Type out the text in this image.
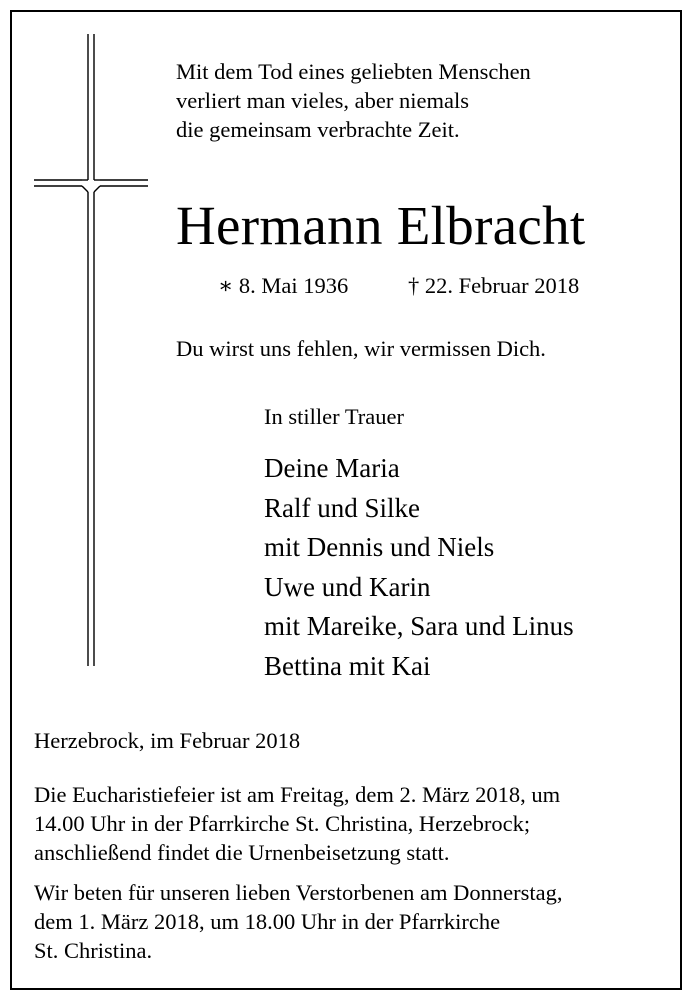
Mit dem Tod eines geliebten Menschen
verliert man vieles, aber niemals
die gemeinsam verbrachte Zeit.
Hermann Elbracht
∗ 8. Mai 1936	† 22. Februar 2018
Du wirst uns fehlen, wir vermissen Dich.
In stiller Trauer
Deine Maria
Ralf und Silke
mit Dennis und Niels
Uwe und Karin
mit Mareike, Sara und Linus
Bettina mit Kai
Herzebrock, im Februar 2018
Die Eucharistiefeier ist am Freitag, dem 2. März 2018, um
14.00 Uhr in der Pfarrkirche St. Christina, Herzebrock;
anschließend findet die Urnenbeisetzung statt.
Wir beten für unseren lieben Verstorbenen am Donnerstag,
dem 1. März 2018, um 18.00 Uhr in der Pfarrkirche
St. Christina.
